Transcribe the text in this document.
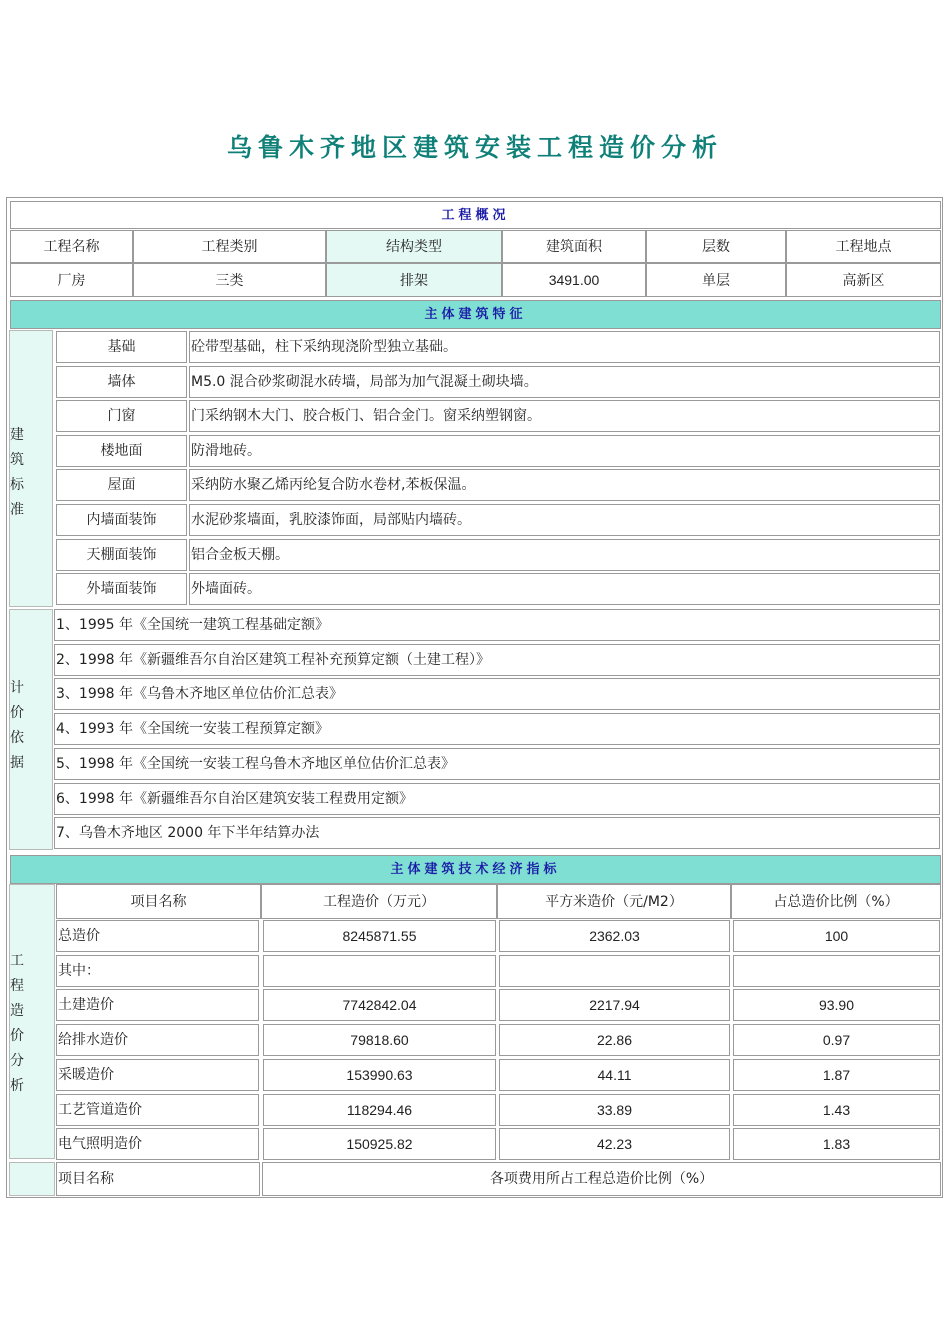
乌鲁木齐地区建筑安装工程造价分析
工程概况
工程名称	工程类别	结构类型	建筑面积	层数	工程地点
厂房	三类	排架	3491.00	单层	高新区
主体建筑特征
建
筑
标
准
基础	砼带型基础，柱下采纳现浇阶型独立基础。
墙体	M5.0 混合砂浆砌混水砖墙，局部为加气混凝土砌块墙。
门窗	门采纳钢木大门、胶合板门、铝合金门。窗采纳塑钢窗。
楼地面	防滑地砖。
屋面	采纳防水聚乙烯丙纶复合防水卷材,苯板保温。
内墙面装饰	水泥砂浆墙面，乳胶漆饰面，局部贴内墙砖。
天棚面装饰	铝合金板天棚。
外墙面装饰	外墙面砖。
计
价
依
据
1、1995 年《全国统一建筑工程基础定额》
2、1998 年《新疆维吾尔自治区建筑工程补充预算定额（土建工程）》
3、1998 年《乌鲁木齐地区单位估价汇总表》
4、1993 年《全国统一安装工程预算定额》
5、1998 年《全国统一安装工程乌鲁木齐地区单位估价汇总表》
6、1998 年《新疆维吾尔自治区建筑安装工程费用定额》
7、乌鲁木齐地区 2000 年下半年结算办法
主体建筑技术经济指标
工
程
造
价
分
析
项目名称	工程造价（万元）	平方米造价（元/M2）	占总造价比例（%）
总造价	8245871.55	2362.03	100
其中：
土建造价	7742842.04	2217.94	93.90
给排水造价	79818.60	22.86	0.97
采暖造价	153990.63	44.11	1.87
工艺管道造价	118294.46	33.89	1.43
电气照明造价	150925.82	42.23	1.83
项目名称	各项费用所占工程总造价比例（%）
